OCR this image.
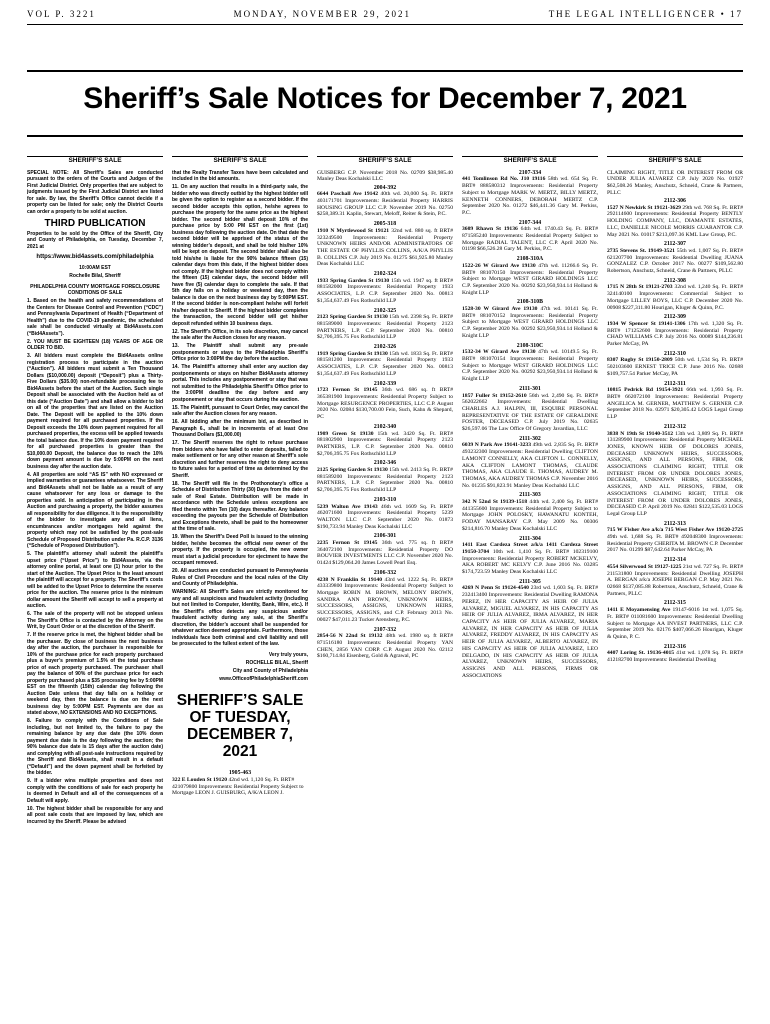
VOL P. 3221	MONDAY, NOVEMBER 29, 2021	THE LEGAL INTELLIGENCER • 17
Sheriff’s Sale Notices for December 7, 2021
SHERIFF’S SALE

SPECIAL NOTE: All Sheriff’s Sales are conducted pursuant to the orders of the Courts and Judges of the First Judicial District. Only properties that are subject to judgments issued by the First Judicial District are listed for sale. By law, the Sheriff’s Office cannot decide if a property can be listed for sale; only the District Courts can order a property to be sold at auction.

THIRD PUBLICATION

Properties to be sold by the Office of the Sheriff, City and County of Philadelphia, on Tuesday, December 7, 2021 at

https://www.bid4assets.com/philadelphia

10:00AM EST

Rochelle Bilal, Sheriff

PHILADELPHIA COUNTY MORTGAGE FORECLOSURE CONDITIONS OF SALE

1. Based on the health and safety recommendations of the Centers for Disease Control and Prevention (“CDC”) and Pennsylvania Department of Health (“Department of Health”) due to the COVID-19 pandemic, the scheduled sale shall be conducted virtually at Bid4Assets.com (“Bid4Assets”).

2. YOU MUST BE EIGHTEEN (18) YEARS OF AGE OR OLDER TO BID.

3. All bidders must complete the Bid4Assets online registration process to participate in the auction (“Auction”). All bidders must submit a Ten Thousand Dollars ($10,000.00) deposit (“Deposit”) plus a Thirty-Five Dollars ($35.00) non-refundable processing fee to Bid4Assets before the start of the Auction. Such single Deposit shall be associated with the Auction held as of this date (“Auction Date”) and shall allow a bidder to bid on all of the properties that are listed on the Auction Date. The Deposit will be applied to the 10% down payment required for all purchased properties. If the Deposit exceeds the 10% down payment required for all purchased properties, the excess will be applied towards the total balance due. If the 10% down payment required for all purchased properties is greater than the $10,000.00 Deposit, the balance due to reach the 10% down payment amount is due by 5:00PM on the next business day after the auction date.

4. All properties are sold “AS IS” with NO expressed or implied warranties or guarantees whatsoever. The Sheriff and Bid4Assets shall not be liable as a result of any cause whatsoever for any loss or damage to the properties sold. In anticipation of participating in the Auction and purchasing a property, the bidder assumes all responsibility for due diligence. It is the responsibility of the bidder to investigate any and all liens, encumbrances and/or mortgages held against the property which may not be satisfied by the post-sale Schedule of Proposed Distribution under Pa. R.C.P. 3136 (“Schedule of Proposed Distribution”).

5. The plaintiff’s attorney shall submit the plaintiff’s upset price (“Upset Price”) to Bid4Assets, via the attorney online portal, at least one (1) hour prior to the start of the Auction. The Upset Price is the least amount the plaintiff will accept for a property. The Sheriff’s costs will be added to the Upset Price to determine the reserve price for the auction. The reserve price is the minimum dollar amount the Sheriff will accept to sell a property at auction.

6. The sale of the property will not be stopped unless The Sheriff’s Office is contacted by the Attorney on the Writ, by Court Order or at the discretion of the Sheriff.

7. If the reserve price is met, the highest bidder shall be the purchaser. By close of business the next business day after the auction, the purchaser is responsible for 10% of the purchase price for each property purchased plus a buyer’s premium of 1.5% of the total purchase price of each property purchased. The purchaser shall pay the balance of 90% of the purchase price for each property purchased plus a $35 processing fee by 5:00PM EST on the fifteenth (15th) calendar day following the Auction Date unless that day falls on a holiday or weekend day, then the balance is due on the next business day by 5:00PM EST. Payments are due as stated above, NO EXTENSIONS AND NO EXCEPTIONS.

8. Failure to comply with the Conditions of Sale including, but not limited to, the failure to pay the remaining balance by any due date (the 10% down payment due date is the day following the auction; the 90% balance due date is 15 days after the auction date) and complying with all post-sale instructions required by the Sheriff and Bid4Assets, shall result in a default (“Default”) and the down payment shall be forfeited by the bidder.

9. If a bidder wins multiple properties and does not comply with the conditions of sale for each property he is deemed in Default and all of the consequences of a Default will apply.

10. The highest bidder shall be responsible for any and all post sale costs that are imposed by law, which are incurred by the Sheriff. Please be advised

SHERIFF’S SALE

that the Realty Transfer Taxes have been calculated and included in the bid amounts.

11. On any auction that results in a third-party sale, the bidder who was directly outbid by the highest bidder will be given the option to register as a second bidder. If the second bidder accepts this option, he/she agrees to purchase the property for the same price as the highest bidder. The second bidder shall deposit 10% of the purchase price by 5:00 PM EST on the first (1st) business day following the auction date. On that date the second bidder will be apprised of the status of the winning bidder’s deposit, and shall be told his/her 10% will be kept on deposit. The second bidder shall also be told his/she is liable for the 90% balance fifteen (15) calendar days from this date, if the highest bidder does not comply. If the highest bidder does not comply within the fifteen (15) calendar days, the second bidder will have five (5) calendar days to complete the sale. If that 5th day falls on a holiday or weekend day, then the balance is due on the next business day by 5:00PM EST. If the second bidder is non-compliant he/she will forfeit his/her deposit to Sheriff. If the highest bidder completes the transaction, the second bidder will get his/her deposit refunded within 10 business days.

12. The Sheriff’s Office, in its sole discretion, may cancel the sale after the Auction closes for any reason.

13. The Plaintiff shall submit any pre-sale postponements or stays to the Philadelphia Sheriff’s Office prior to 3:00PM the day before the auction.

14. The Plaintiff’s attorney shall enter any auction day postponements or stays on his/her Bid4Assets attorney portal. This includes any postponement or stay that was not submitted to the Philadelphia Sheriff’s Office prior to the 3:00PM deadline the day before and any postponement or stay that occurs during the auction.

15. The Plaintiff, pursuant to Court Order, may cancel the sale after the Auction closes for any reason.

16. All bidding after the minimum bid, as described in Paragraph 6., shall be in increments of at least One Thousand Dollars ($1,000.00)

17. The Sheriff reserves the right to refuse purchase from bidders who have failed to enter deposits, failed to make settlement or for any other reason at Sheriff’s sole discretion and further reserves the right to deny access to future sales for a period of time as determined by the Sheriff.

18. The Sheriff will file in the Prothonotary’s office a Schedule of Distribution Thirty (30) Days from the date of sale of Real Estate. Distribution will be made in accordance with the Schedule unless exceptions are filed thereto within Ten (10) days thereafter. Any balance exceeding the payouts per the Schedule of Distribution and Exceptions thereto, shall be paid to the homeowner at the time of sale.

19. When the Sheriff’s Deed Poll is issued to the winning bidder, he/she becomes the official new owner of the property. If the property is occupied, the new owner must start a judicial procedure for ejectment to have the occupant removed.

20. All auctions are conducted pursuant to Pennsylvania Rules of Civil Procedure and the local rules of the City and County of Philadelphia.

WARNING: All Sheriff’s Sales are strictly monitored for any and all suspicious and fraudulent activity (including but not limited to Computer, Identity, Bank, Wire, etc.). If the Sheriff’s office detects any suspicious and/or fraudulent activity during any sale, at the Sheriff’s discretion, the bidder’s account shall be suspended for whatever action deemed appropriate. Furthermore, those individuals face both criminal and civil liability and will be prosecuted to the fullest extent of the law.

Very truly yours,

ROCHELLE BILAL, Sheriff

City and County of Philadelphia

www.OfficeofPhiladelphiaSheriff.com

SHERIFF’S SALE OF TUESDAY, DECEMBER 7, 2021
1905-463
322 E Louden St 19120 42nd wd. 1,120 Sq. Ft. BRT# 421079800 Improvements: Residential Property Subject to Mortgage LEON J. GUISBURG, A/K/A LEON J.
SHERIFF’S SALE

GUISBERG C.P. November 2018 No. 02709 $38,985.40 Manley Deas Kochalski LLC

2004-392

6644 Paschall Ave 19142 40th wd. 20,000 Sq. Ft. BRT# 403171701 Improvements: Residential Property HARRIS HOUSING GROUP LLC C.P. November 2019 No. 02750 $258,389.31 Kaplin, Stewart, Meloff, Reiter & Stein, P.C.

2005-318

1910 N Myrtlewood St 19121 32nd wd. 880 sq. ft BRT# 323249500 Improvements: Residential Property UNKNOWN HEIRS AND/OR ADMINISTRATORS OF THE ESTATE OF PHYLLIS COLLINS, A/K/A PHYLLIS B. COLLINS C.P. July 2019 No. 01275 $61,925.80 Manley Deas Kochalski LLC

2102-324

1933 Spring Garden St 19130 15th wd. 1947 sq. ft BRT# 881582000 Improvements: Residential Property 1933 ASSOCIATES, L.P. C.P. September 2020 No. 00813 $1,354,637.49 Fox Rothschild LLP

2102-325

2123 Spring Garden St 19130 15th wd. 2398 Sq. Ft. BRT# 881589000 Improvements: Residential Property 2123 PARTNERS, L.P. C.P. September 2020 No. 00810 $2,706,395.75 Fox Rothschild LLP

2102-326

1919 Spring Garden St 19130 15th wd. 1833 Sq. Ft. BRT# 881581200 Improvements: Residential Property 1933 ASSOCIATES, L.P. C.P. September 2020 No. 00813 $1,354,637.49 Fox Rothschild LLP

2102-339

1723 Fernon St 19145 36th wd. 686 sq. ft BRT# 365381900 Improvements: Residential Property Subject to Mortgage RESURGENCE PROPERTIES, LLC C.P. August 2020 No. 02084 $130,700.00 Fein, Such, Kahn & Shepard, PC

2102-340

1909 Green St 19130 15th wd. 3420 Sq. Ft. BRT# 881802900 Improvements: Residential Property 2123 PARTNERS, L.P. C.P. September 2020 No. 00810 $2,706,395.75 Fox Rothschild LLP

2102-346

2125 Spring Garden St 19130 15th wd. 2413 Sq. Ft. BRT# 881589200 Improvements: Residential Property 2123 PARTNERS, L.P. C.P. September 2020 No. 00810 $2,706,395.75 Fox Rothschild LLP

2103-310

5239 Walton Ave 19143 46th wd. 1609 Sq. Ft. BRT# 462071600 Improvements: Residential Property 5239 WALTON LLC C.P. September 2020 No. 01873 $190,733.94 Manley Deas Kochalski LLC

2106-301

2235 Fernon St 19145 36th wd. 775 sq. ft BRT# 364072100 Improvements: Residential Property DO BOUVIER INVESTMENTS LLC C.P. November 2020 No. 01424 $129,064.20 James Lowell Pearl Esq.

2106-332

4238 N Franklin St 19140 43rd wd. 1222 Sq. Ft. BRT# 433339800 Improvements: Residential Property Subject to Mortgage ROBIN M. BROWN, MELONY BROWN, SANDRA ANN BROWN, UNKNOWN HEIRS, SUCCESSORS, ASSIGNS, UNKNOWN HEIRS, SUCCESSORS, ASSIGNS, and C.P. February 2013 No. 00027 $47,011.23 Tucker Arensberg, P.C.

2107-332

2854-56 N 22nd St 19132 48th wd. 1980 sq. ft BRT# 871516180 Improvements: Residential Property YAN CHEN, 2856 YAN CORP. C.P. August 2020 No. 02112 $160,714.84 Eisenberg, Gold & Agrawal, PC

SHERIFF’S SALE
2107-334

441 Tomlinson Rd No. J10 19116 58th wd. 654 Sq. Ft. BRT# 888580312 Improvements: Residential Property Subject to Mortgage MARK W. MERTZ, BILLY MERTZ, KENNETH CONNERS, DEBORAH MERTZ C.P. September 2020 No. 01272 $46,441.36 Gary M. Perkiss, P.C.

2107-344

3609 Rhawn St 19136 64th wd. 1740.43 Sq. Ft. BRT# 871585240 Improvements: Residential Property Subject to Mortgage RADIAL TALENT, LLC C.P. April 2020 No. 01198 $66,526.28 Gary M. Perkiss, P.C.

2108-310A

1522-26 W Girard Ave 19130 47th wd. 11266.6 Sq. Ft. BRT# 881070150 Improvements: Residential Property Subject to Mortgage WEST GIRARD HOLDINGS LLC C.P. September 2020 No. 00292 $23,950,934.14 Holland & Knight LLP

2108-310B

1528-30 W Girard Ave 19130 47th wd. 10141 Sq. Ft. BRT# 881070152 Improvements: Residential Property Subject to Mortgage WEST GIRARD HOLDINGS LLC C.P. September 2020 No. 00292 $23,950,934.14 Holland & Knight LLP

2108-310C

1532-34 W Girard Ave 19130 47th wd. 10149.5 Sq. Ft. BRT# 881070154 Improvements: Residential Property Subject to Mortgage WEST GIRARD HOLDINGS LLC C.P. September 2020 No. 00292 $23,950,934.14 Holland & Knight LLP

2111-301

1857 Fuller St 19152-2610 56th wd. 2,490 Sq. Ft. BRT# 562022662 Improvements: Residential Dwelling CHARLES A.J. HALPIN, III, ESQUIRE PERSONAL REPRESENTATIVE OF THE ESTATE OF GERALDINE FOSTER, DECEASED C.P. July 2019 No. 02635 $26,597.06 The Law Office Of Gregory Javardian, LLC

2111-302

6039 N Park Ave 19141-3233 49th wd. 2,835 Sq. Ft. BRT# 493232300 Improvements: Residential Dwelling CLIFTON LAMONT CONNELLY, AKA CLIFTON L. CONNELLY, AKA CLIFTON LAMONT THOMAS, CLAUDE THOMAS, AKA CLAUDE E. THOMAS, AUDREY M. THOMAS, AKA AUDREY THOMAS C.P. November 2016 No. 01235 $91,823.91 Manley Deas Kochalski LLC

2111-303

342 N 52nd St 19139-1518 44th wd. 2,400 Sq. Ft. BRT# 441355600 Improvements: Residential Property Subject to Mortgage JOHN POLOSKY, HAWANATU KONTEH, FODAY MANSARAY C.P. May 2009 No. 00306 $214,816.70 Manley Deas Kochalski LLC

2111-304

1411 East Cardeza Street a/k/a 1411 Cardeza Street 19150-3704 10th wd. 1,410 Sq. Ft. BRT# 102319100 Improvements: Residential Property ROBERT MCKELVY, AKA ROBERT MC KELVY C.P. June 2016 No. 03285 $174,723.59 Manley Deas Kochalski LLC

2111-305

4269 N Penn St 19124-4540 23rd wd. 1,603 Sq. Ft. BRT# 232413400 Improvements: Residential Dwelling RAMONA PEREZ, IN HER CAPACITY AS HEIR OF JULIA ALVAREZ, MIGUEL ALVAREZ, IN HIS CAPACITY AS HEIR OF JULIA ALVAREZ, IRMA ALVAREZ, IN HER CAPACITY AS HEIR OF JULIA ALVAREZ, MARIA ALVAREZ, IN HER CAPACITY AS HEIR OF JULIA ALVAREZ, FREDDY ALVAREZ, IN HIS CAPACITY AS HEIR OF JULIA ALVAREZ, ALBERTO ALVAREZ, IN HIS CAPACITY AS HEIR OF JULIA ALVAREZ, LEO DELGADO, IN HIS CAPACITY AS HEIR OF JULIA ALVAREZ, UNKNOWN HEIRS, SUCCESSORS, ASSIGNS AND ALL PERSONS, FIRMS OR ASSOCIATIONS

SHERIFF’S SALE

CLAIMING RIGHT, TITLE OR INTEREST FROM OR UNDER JULIA ALVAREZ C.P. July 2020 No. 01927 $62,508.26 Manley, Anschutz, Schneid, Crane & Partners, PLLC

2112-306

1527 N Newkirk St 19121-3629 29th wd. 768 Sq. Ft. BRT# 292114600 Improvements: Residential Property BENTLY HOLDING COMPANY, LLC, DIAMANTE ESTATES, LLC, DANIELLE NICOLE MORRIS GUARANTOR C.P. May 2021 No. 01017 $213,097.36 KML Law Group, P.C.

2112-307

2735 Stevens St. 19149-3521 55th wd. 1,007 Sq. Ft. BRT# 621207700 Improvements: Residential Dwelling JUANA GONZALEZ C.P. October 2017 No. 00277 $109,562.80 Robertson, Anschutz, Schneid, Crane & Partners, PLLC

2112-308

1715 N 28th St 19121-2703 32nd wd. 1,240 Sq. Ft. BRT# 324140100 Improvements: Commercial Subject to Mortgage LILLEY BOYS, LLC C.P. December 2020 No. 00908 $227,311.80 Hourigan, Kluger & Quinn, P.C.

2112-309

1934 W Spencer St 19141-1306 17th wd. 1,320 Sq. Ft. BRT# 171252600 Improvements: Residential Property CHAD WILLIAMS C.P. July 2016 No. 00089 $144,236.81 Parker McCay, PA

2112-310

8307 Rugby St 19150-2809 50th wd. 1,534 Sq. Ft. BRT# 502103600 ERNEST TRICE C.P. June 2016 No. 02688 $109,757.54 Parker McCay, PA

2112-311

10815 Pedrick Rd 19154-3921 66th wd. 1,993 Sq. Ft. BRT# 662072100 Improvements: Residential Property ANGELICA M. GERNER, MATTHEW S. GERNER C.P. September 2018 No. 02971 $20,305.42 LOGS Legal Group LLP

2112-312

3838 N 19th St 19140-3512 13th wd. 3,809 Sq. Ft. BRT# 131289900 Improvements: Residential Property MICHAEL JONES, KNOWN HEIR OF DOLORES JONES, DECEASED UNKNOWN HEIRS, SUCCESSORS, ASSIGNS, AND ALL PERSONS, FIRM, OR ASSOCIATIONS CLAIMING RIGHT, TITLE OR INTEREST FROM OR UNDER DOLORES JONES, DECEASED, UNKNOWN HEIRS, SUCCESSORS, ASSIGNS, AND ALL PERSONS, FIRM, OR ASSOCIATIONS CLAIMING RIGHT, TITLE OR INTEREST FROM OR UNDER DOLORES JONES, DECEASED C.P. April 2019 No. 02841 $122,535.03 LOGS Legal Group LLP

2112-313

715 W Fisher Ave a/k/a 715 West Fisher Ave 19120-2725 49th wd. 1,688 Sq. Ft. BRT# 492048300 Improvements: Residential Property CHERITA M. BROWN C.P. December 2017 No. 01299 $87,642.64 Parker McCay, PA

2112-314

4554 Silverwood St 19127-1225 21st wd. 727 Sq. Ft. BRT# 211531800 Improvements: Residential Dwelling JOSEPH A. BERGAN a/k/a JOSEPH BERGAN C.P. May 2021 No. 02668 $137,085.88 Robertson, Anschutz, Schneid, Crane & Partners, PLLC

2112-315

1411 E Moyamensing Ave 19147-6016 1st wd. 1,075 Sq. Ft. BRT# 011081600 Improvements: Residential Dwelling Subject to Mortgage AA INVEST PARTNERS, LLC C.P. September 2019 No. 02176 $407,066.26 Hourigan, Kluger & Quinn, P. C.

2112-316

4407 Loring St. 19136-4015 41st wd. 1,078 Sq. Ft. BRT# 412182700 Improvements: Residential Dwelling
